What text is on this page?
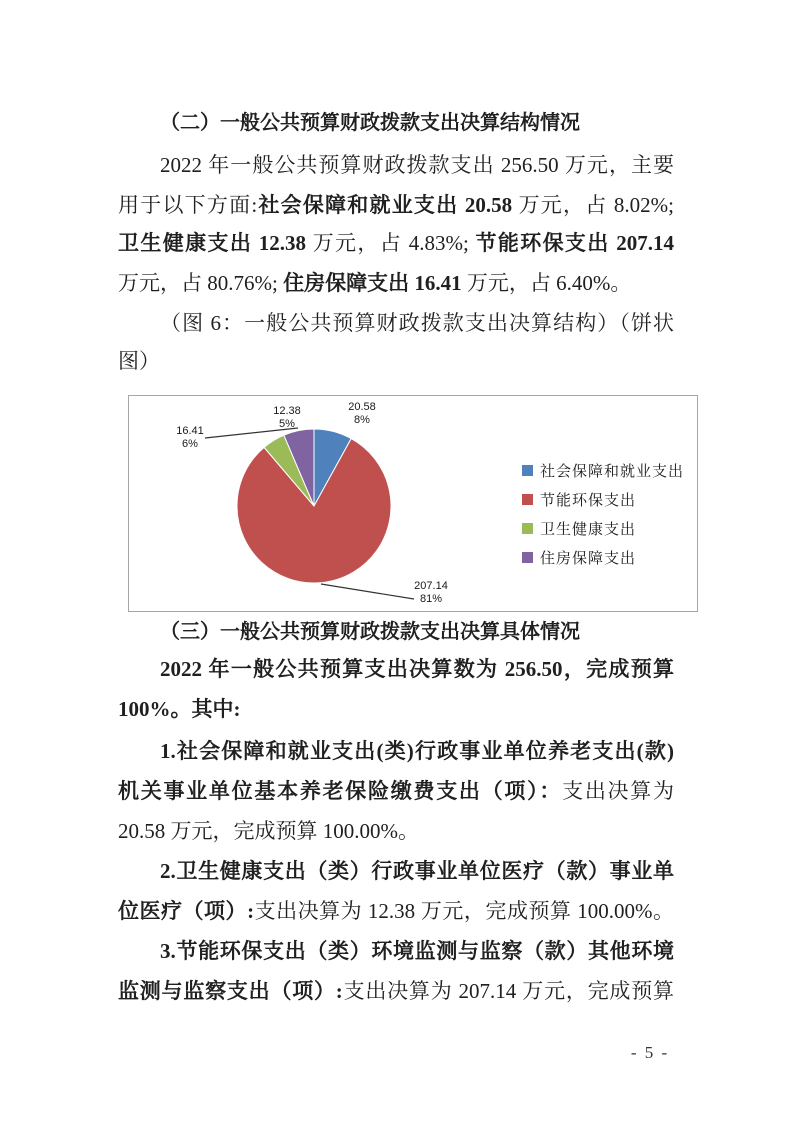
（二）一般公共预算财政拨款支出决算结构情况
2022 年一般公共预算财政拨款支出 256.50 万元，主要
用于以下方面:社会保障和就业支出 20.58 万元，占 8.02%;
卫生健康支出 12.38 万元，占 4.83%; 节能环保支出 207.14
万元，占 80.76%; 住房保障支出 16.41 万元，占 6.40%。
（图 6：一般公共预算财政拨款支出决算结构）（饼状
图）
20.58
8%
12.38
5%
16.41
6%
207.14
81%
社会保障和就业支出
节能环保支出
卫生健康支出
住房保障支出
（三）一般公共预算财政拨款支出决算具体情况
2022 年一般公共预算支出决算数为 256.50，完成预算
100%。其中:
1.社会保障和就业支出(类)行政事业单位养老支出(款)
机关事业单位基本养老保险缴费支出（项）：支出决算为
20.58 万元，完成预算 100.00%。
2.卫生健康支出（类）行政事业单位医疗（款）事业单
位医疗（项）:支出决算为 12.38 万元，完成预算 100.00%。
3.节能环保支出（类）环境监测与监察（款）其他环境
监测与监察支出（项）:支出决算为 207.14 万元，完成预算
- 5 -
